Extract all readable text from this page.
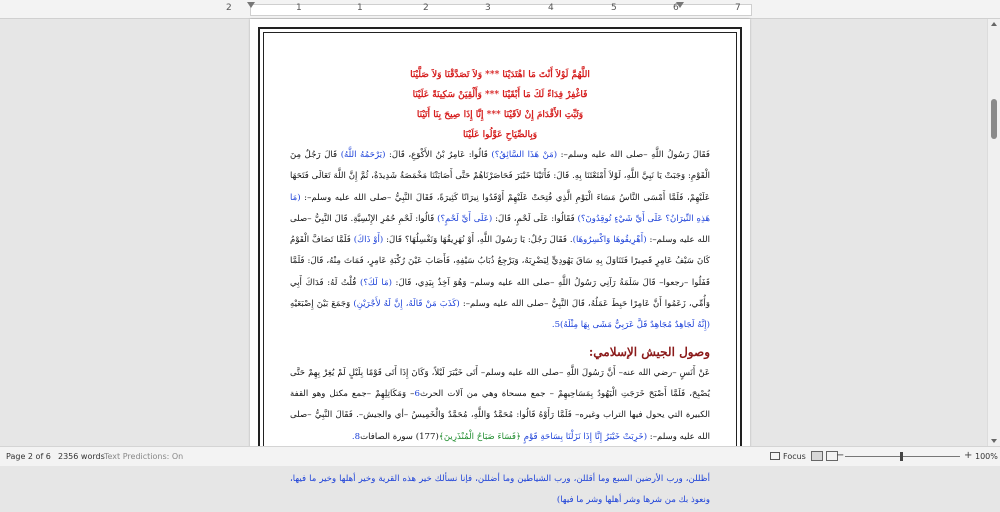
2	1	1	2	3	4	5	6	7
اللَّهُمَّ لَوْلاَ أَنْتَ مَا اهْتَدَيْنَا *** وَلاَ تَصَدَّقْنَا وَلاَ صَلَّيْنَا
فَاغْفِرْ فِدَاءً لَكَ مَا أَبْقَيْنَا *** وَأَلْقِيَنْ سَكِينَةً عَلَيْنَا
وَثَبِّتِ الأَقْدَامَ إِنْ لاَقَيْنَا *** إِنَّا إِذَا صِيحَ بِنَا أَتَيْنَا
وَبِالصِّيَاحِ عَوَّلُوا عَلَيْنَا

فَقَالَ رَسُولُ اللَّهِ –صلى الله عليه وسلم–: (مَنْ هَذَا السَّائِقُ؟) قَالُوا: عَامِرُ بْنُ الأَكْوَعِ، قَالَ: (يَرْحَمُهُ اللَّهُ) قَالَ رَجُلٌ مِنَ الْقَوْمِ: وَجَبَتْ يَا نَبِيَّ اللَّهِ، لَوْلاَ أَمْتَعْتَنَا بِهِ. قَالَ: فَأَتَيْنَا خَيْبَرَ فَحَاصَرْنَاهُمْ حَتَّى أَصَابَتْنَا مَخْمَصَةٌ شَدِيدَةٌ، ثُمَّ إِنَّ اللَّهَ تَعَالَى فَتَحَهَا عَلَيْهِمْ، فَلَمَّا أَمْسَى النَّاسُ مَسَاءَ الْيَوْمِ الَّذِي فُتِحَتْ عَلَيْهِمْ أَوْقَدُوا نِيرَانًا كَثِيرَةً، فَقَالَ النَّبِيُّ –صلى الله عليه وسلم–: (مَا هَذِهِ النِّيرَانُ؟ عَلَى أَيِّ شَيْءٍ تُوقِدُونَ؟) فَقَالُوا: عَلَى لَحْمٍ، قَالَ: (عَلَى أَيِّ لَحْمٍ؟) قَالُوا: لَحْمِ حُمُرِ الإِنْسِيَّةِ. قَالَ النَّبِيُّ –صلى الله عليه وسلم–: (أَهْرِيقُوهَا وَاكْسِرُوهَا). فَقَالَ رَجُلٌ: يَا رَسُولَ اللَّهِ، أَوْ نُهَرِيقُهَا وَنَغْسِلُهَا؟ قَالَ: (أَوْ ذَاكَ) فَلَمَّا تَصَافَّ الْقَوْمُ كَانَ سَيْفُ عَامِرٍ قَصِيرًا فَتَنَاوَلَ بِهِ سَاقَ يَهُودِيٍّ لِيَضْرِبَهُ، وَيَرْجِعُ ذُبَابُ سَيْفِهِ، فَأَصَابَ عَيْنَ رُكْبَةِ عَامِرٍ، فَمَاتَ مِنْهُ، قَالَ: فَلَمَّا قَفَلُوا –رجعوا– قَالَ سَلَمَةُ رَآنِي رَسُولُ اللَّهِ –صلى الله عليه وسلم– وَهُوَ آخِذٌ بِيَدِي، قَالَ: (مَا لَكَ؟) قُلْتُ لَهُ: فَدَاكَ أَبِي وَأُمِّي، زَعَمُوا أَنَّ عَامِرًا حَبِطَ عَمَلُهُ، قَالَ النَّبِيُّ –صلى الله عليه وسلم–: (كَذَبَ مَنْ قَالَهُ، إِنَّ لَهُ لأَجْرَيْنِ) وَجَمَعَ بَيْنَ إِصْبَعَيْهِ (إِنَّهُ لَجَاهِدٌ مُجَاهِدٌ قَلَّ عَرَبِيٌّ مَشَى بِهَا مِثْلَهُ)5.

وصول الجيش الإسلامي:

عَنْ أَنَسٍ –رضي الله عنه– أَنَّ رَسُولَ اللَّهِ –صلى الله عليه وسلم– أَتَى خَيْبَرَ لَيْلاً، وَكَانَ إِذَا أَتَى قَوْمًا بِلَيْلٍ لَمْ يُغِرْ بِهِمْ حَتَّى يُصْبِحَ، فَلَمَّا أَصْبَحَ خَرَجَتِ الْيَهُودُ بِمَسَاحِيهِمْ – جمع مسحاة وهي من آلات الحرث6– وَمَكَاتِلِهِمْ –جمع مكتل وهو القفة الكبيرة التي يحول فيها التراب وغيره– فَلَمَّا رَأَوْهُ قَالُوا: مُحَمَّدٌ وَاللَّهِ، مُحَمَّدٌ وَالْخَمِيسُ –أي والجيش–. فَقَالَ النَّبِيُّ –صلى الله عليه وسلم–: (خَرِبَتْ خَيْبَرُ إِنَّا إِذَا نَزَلْنَا بِسَاحَةِ قَوْمٍ ﴿فَسَاءَ صَبَاحُ الْمُنْذَرِينَ﴾(177) سورة الصافات8.

أظللن، ورب الأرضين السبع وما أقللن، ورب الشياطين وما أضللن، فإنا نسألك خير هذه القرية وخير أهلها وخير ما فيها، ونعوذ بك من شرها وشر أهلها وشر ما فيها)

Page 2 of 6 2356 words Text Predictions: On	Focus	−	+ 100%
